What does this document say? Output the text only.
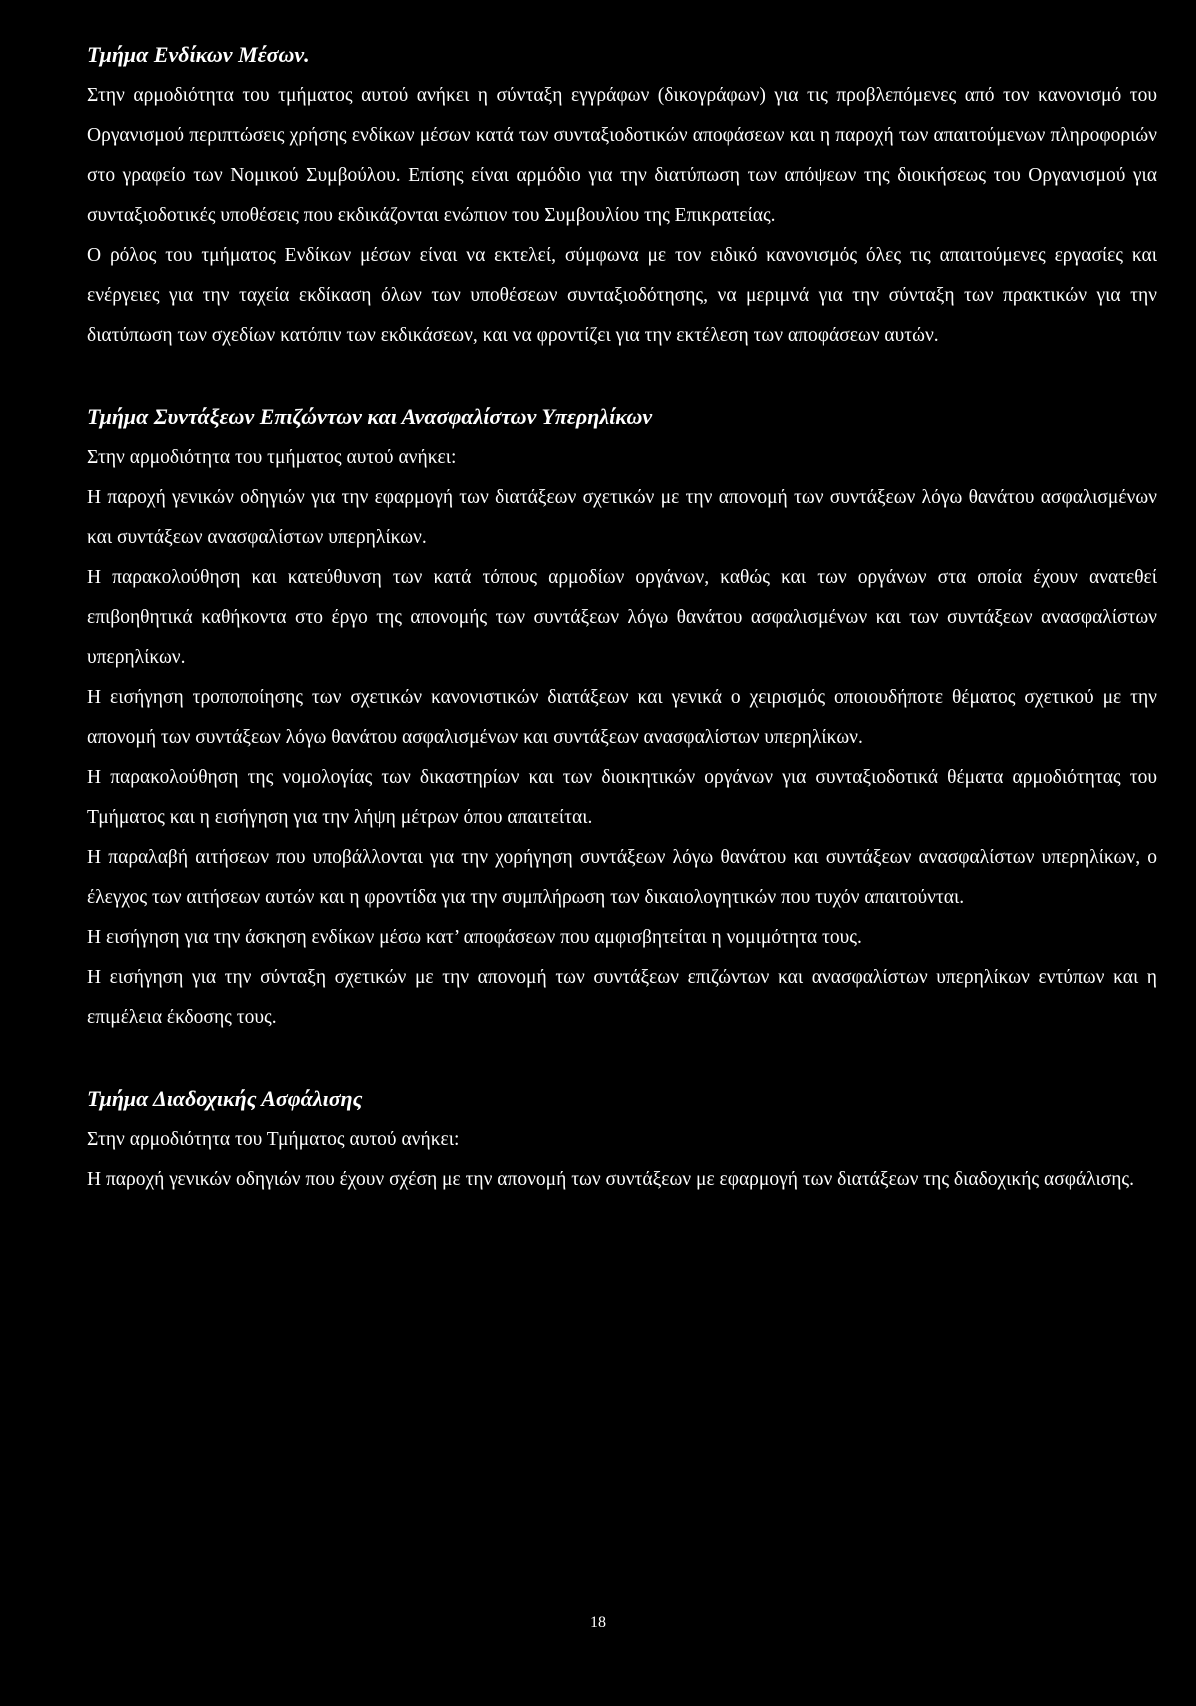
Τμήμα Ενδίκων Μέσων.

Στην αρμοδιότητα του τμήματος αυτού ανήκει η σύνταξη εγγράφων (δικογράφων) για τις προβλεπόμενες από τον κανονισμό του Οργανισμού περιπτώσεις χρήσης ενδίκων μέσων κατά των συνταξιοδοτικών αποφάσεων και η παροχή των απαιτούμενων πληροφοριών στο γραφείο των Νομικού Συμβούλου. Επίσης είναι αρμόδιο για την διατύπωση των απόψεων της διοικήσεως του Οργανισμού για συνταξιοδοτικές υποθέσεις που εκδικάζονται ενώπιον του Συμβουλίου της Επικρατείας.

Ο ρόλος του τμήματος Ενδίκων μέσων είναι να εκτελεί, σύμφωνα με τον ειδικό κανονισμός όλες τις απαιτούμενες εργασίες και ενέργειες για την ταχεία εκδίκαση όλων των υποθέσεων συνταξιοδότησης, να μεριμνά για την σύνταξη των πρακτικών για την διατύπωση των σχεδίων κατόπιν των εκδικάσεων, και να φροντίζει για την εκτέλεση των αποφάσεων αυτών.

Τμήμα Συντάξεων Επιζώντων και Ανασφαλίστων Υπερηλίκων

Στην αρμοδιότητα του τμήματος αυτού ανήκει:

Η παροχή γενικών οδηγιών για την εφαρμογή των διατάξεων σχετικών με την απονομή των συντάξεων λόγω θανάτου ασφαλισμένων και συντάξεων ανασφαλίστων υπερηλίκων.

Η παρακολούθηση και κατεύθυνση των κατά τόπους αρμοδίων οργάνων, καθώς και των οργάνων στα οποία έχουν ανατεθεί επιβοηθητικά καθήκοντα στο έργο της απονομής των συντάξεων λόγω θανάτου ασφαλισμένων και των συντάξεων ανασφαλίστων υπερηλίκων.

Η εισήγηση τροποποίησης των σχετικών κανονιστικών διατάξεων και γενικά ο χειρισμός οποιουδήποτε θέματος σχετικού με την απονομή των συντάξεων λόγω θανάτου ασφαλισμένων και συντάξεων ανασφαλίστων υπερηλίκων.

Η παρακολούθηση της νομολογίας των δικαστηρίων και των διοικητικών οργάνων για συνταξιοδοτικά θέματα αρμοδιότητας του Τμήματος και η εισήγηση για την λήψη μέτρων όπου απαιτείται.

Η παραλαβή αιτήσεων που υποβάλλονται για την χορήγηση συντάξεων λόγω θανάτου και συντάξεων ανασφαλίστων υπερηλίκων, ο έλεγχος των αιτήσεων αυτών και η φροντίδα για την συμπλήρωση των δικαιολογητικών που τυχόν απαιτούνται.

Η εισήγηση για την άσκηση ενδίκων μέσω κατ’ αποφάσεων που αμφισβητείται η νομιμότητα τους.

Η εισήγηση για την σύνταξη σχετικών με την απονομή των συντάξεων επιζώντων και ανασφαλίστων υπερηλίκων εντύπων και η επιμέλεια έκδοσης τους.

Τμήμα Διαδοχικής Ασφάλισης

Στην αρμοδιότητα του Τμήματος αυτού ανήκει:

Η παροχή γενικών οδηγιών που έχουν σχέση με την απονομή των συντάξεων με εφαρμογή των διατάξεων της διαδοχικής ασφάλισης.

18
